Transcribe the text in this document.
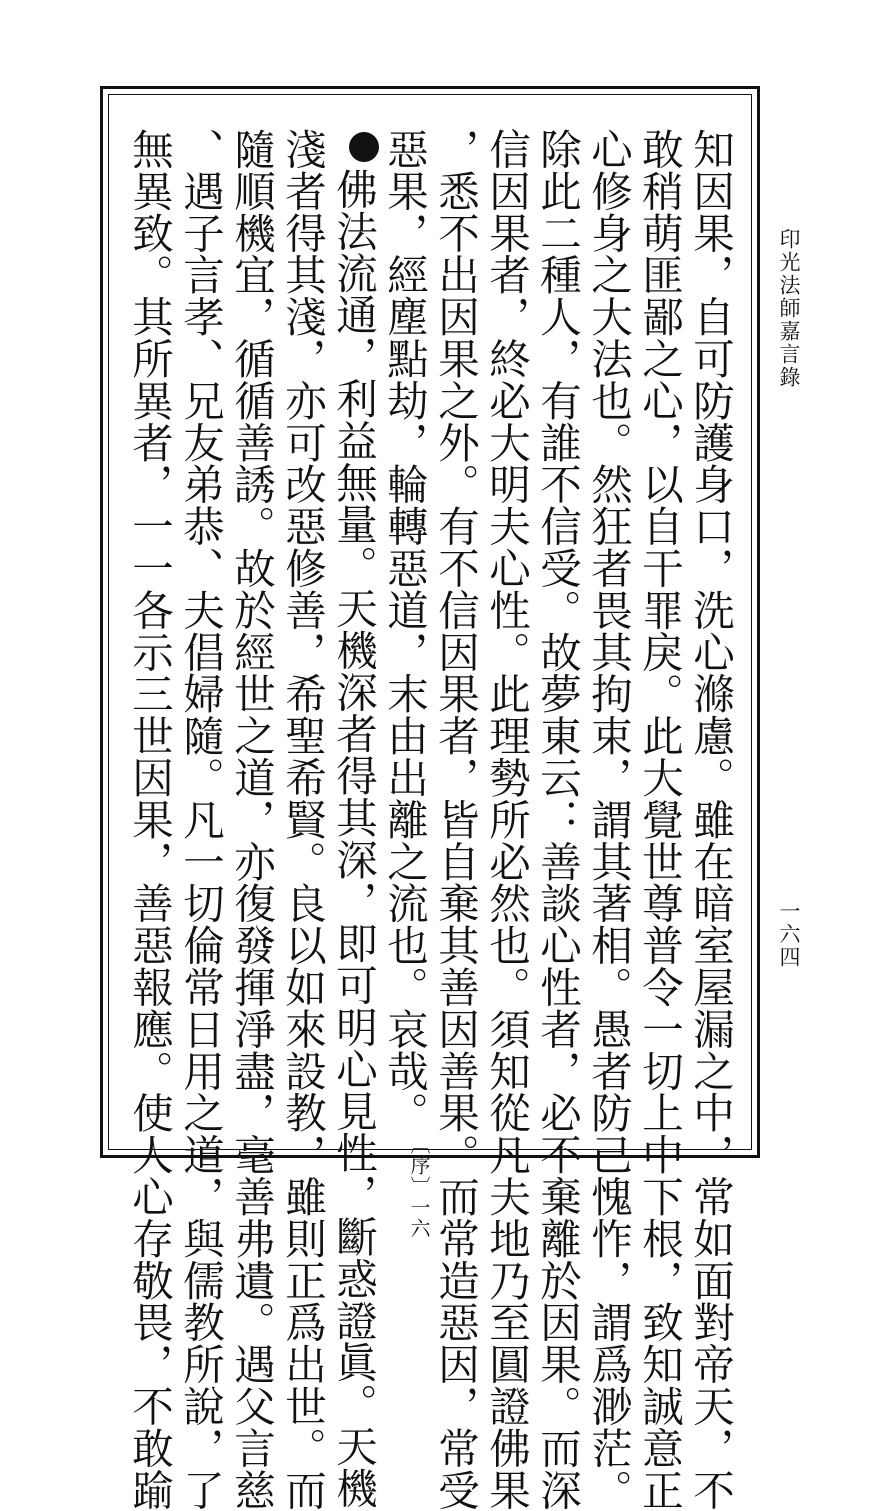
印光法師嘉言錄
一六四
知因果，自可防護身口，洗心滌慮。雖在暗室屋漏之中，常如面對帝天，不
敢稍萌匪鄙之心，以自干罪戾。此大覺世尊普令一切上中下根，致知誠意正
心修身之大法也。然狂者畏其拘束，謂其著相。愚者防己愧怍，謂爲渺茫。
除此二種人，有誰不信受。故夢東云：善談心性者，必不棄離於因果。而深
信因果者，終必大明夫心性。此理勢所必然也。須知從凡夫地乃至圓證佛果
，悉不出因果之外。有不信因果者，皆自棄其善因善果。而常造惡因，常受
惡果，經塵點劫，輪轉惡道，末由出離之流也。哀哉。〔序〕一六
佛法流通，利益無量。天機深者得其深，即可明心見性，斷惑證眞。天機
淺者得其淺，亦可改惡修善，希聖希賢。良以如來設教，雖則正爲出世。而
隨順機宜，循循善誘。故於經世之道，亦復發揮淨盡，毫善弗遺。遇父言慈
、遇子言孝、兄友弟恭、夫倡婦隨。凡一切倫常日用之道，與儒教所說，了
無異致。其所異者，一一各示三世因果，善惡報應。使人心存敬畏，不敢踰
